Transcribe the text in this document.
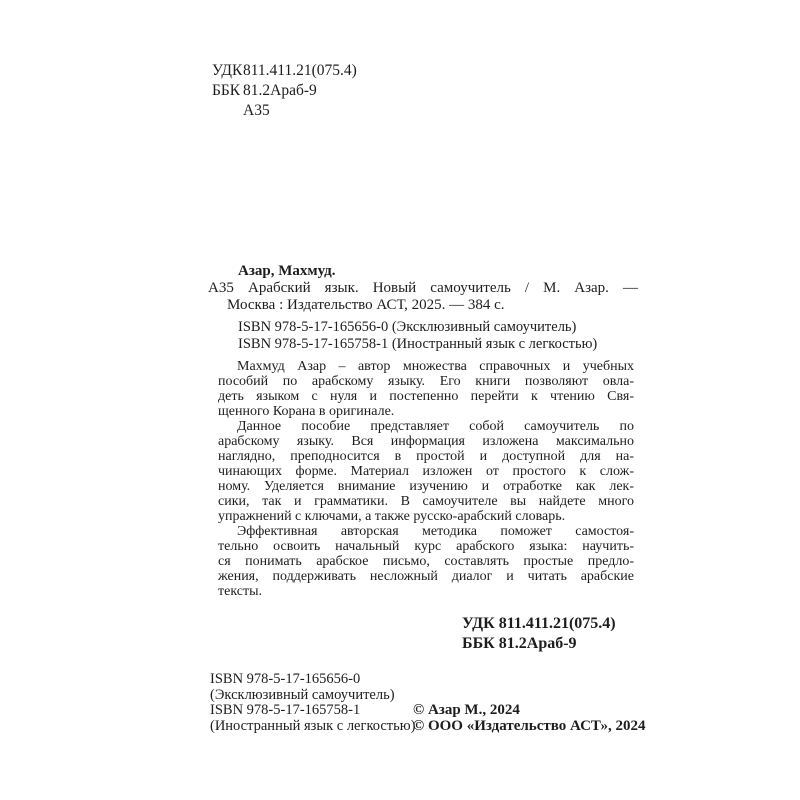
УДК811.411.21(075.4)
ББК 81.2Араб-9
А35
Азар, Махмуд.
А35 Арабский язык. Новый самоучитель / М. Азар. —
Москва : Издательство АСТ, 2025. — 384 с.
ISBN 978-5-17-165656-0 (Эксклюзивный самоучитель)
ISBN 978-5-17-165758-1 (Иностранный язык с легкостью)
Махмуд Азар – автор множества справочных и учебных
пособий по арабскому языку. Его книги позволяют овла-
деть языком с нуля и постепенно перейти к чтению Свя-
щенного Корана в оригинале.
Данное пособие представляет собой самоучитель по
арабскому языку. Вся информация изложена максимально
наглядно, преподносится в простой и доступной для на-
чинающих форме. Материал изложен от простого к слож-
ному. Уделяется внимание изучению и отработке как лек-
сики, так и грамматики. В самоучителе вы найдете много
упражнений с ключами, а также русско-арабский словарь.
Эффективная авторская методика поможет самостоя-
тельно освоить начальный курс арабского языка: научить-
ся понимать арабское письмо, составлять простые предло-
жения, поддерживать несложный диалог и читать арабские
тексты.
УДК 811.411.21(075.4)
ББК 81.2Араб-9
ISBN 978-5-17-165656-0
(Эксклюзивный самоучитель)
ISBN 978-5-17-165758-1
(Иностранный язык с легкостью)
© Азар М., 2024
© ООО «Издательство АСТ», 2024
